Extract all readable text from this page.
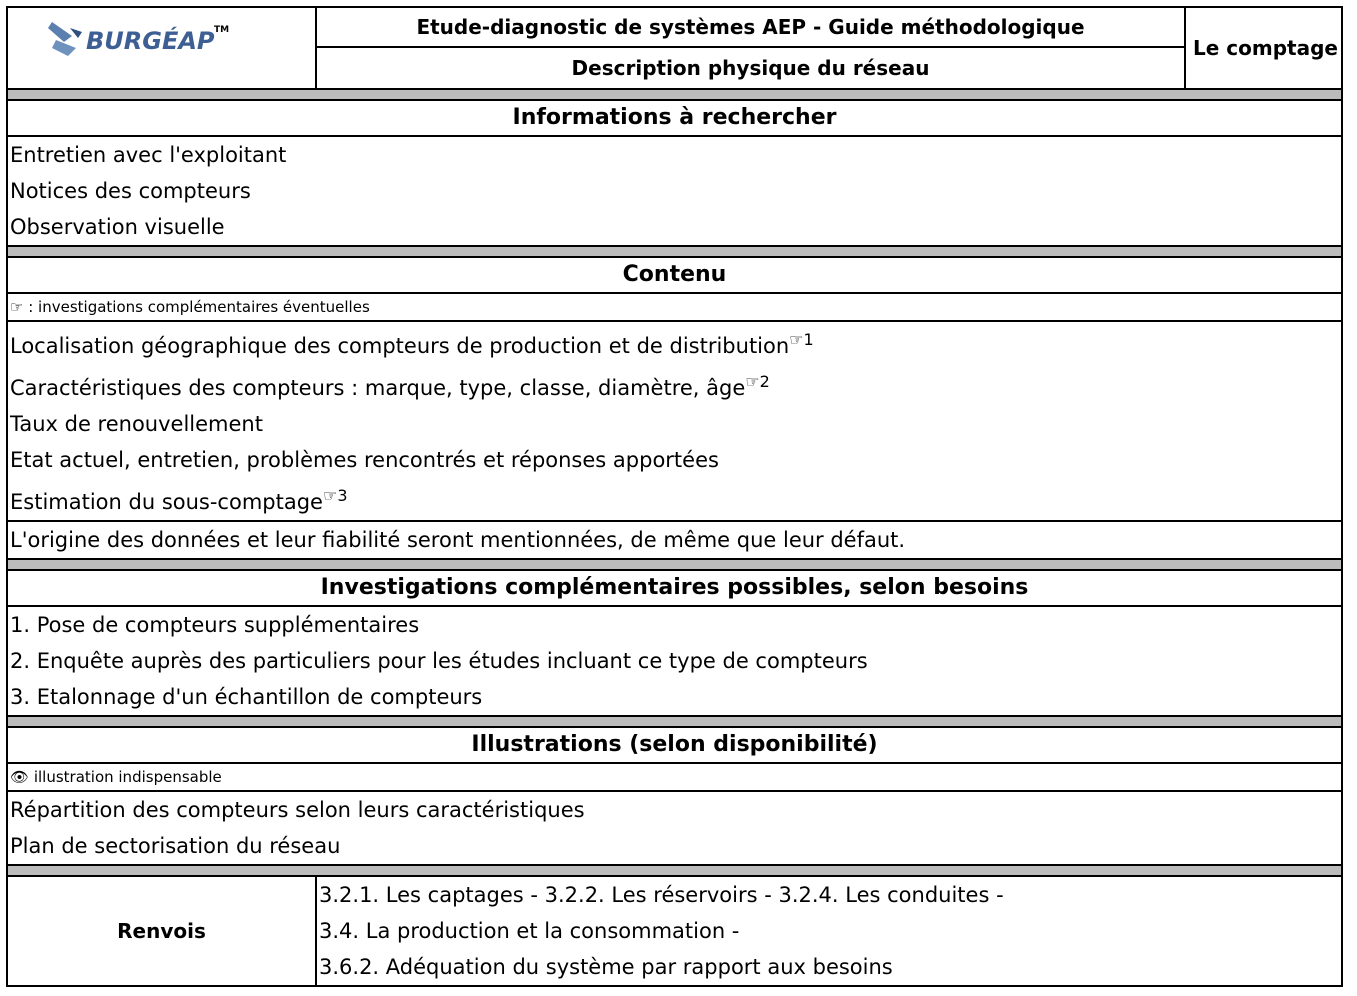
BURGÉAP TM	Etude-diagnostic de systèmes AEP - Guide méthodologique
Description physique du réseau
Le comptage
Informations à rechercher
Entretien avec l'exploitant
Notices des compteurs
Observation visuelle
Contenu
☞ : investigations complémentaires éventuelles
Localisation géographique des compteurs de production et de distribution$^{☞1}$
Caractéristiques des compteurs : marque, type, classe, diamètre, âge$^{☞2}$
Taux de renouvellement
Etat actuel, entretien, problèmes rencontrés et réponses apportées
Estimation du sous-comptage$^{☞3}$
L'origine des données et leur fiabilité seront mentionnées, de même que leur défaut.
Investigations complémentaires possibles, selon besoins
1. Pose de compteurs supplémentaires
2. Enquête auprès des particuliers pour les études incluant ce type de compteurs
3. Etalonnage d'un échantillon de compteurs
Illustrations (selon disponibilité)
👁 illustration indispensable
Répartition des compteurs selon leurs caractéristiques
Plan de sectorisation du réseau
Renvois
3.2.1. Les captages - 3.2.2. Les réservoirs - 3.2.4. Les conduites -
3.4. La production et la consommation -
3.6.2. Adéquation du système par rapport aux besoins
